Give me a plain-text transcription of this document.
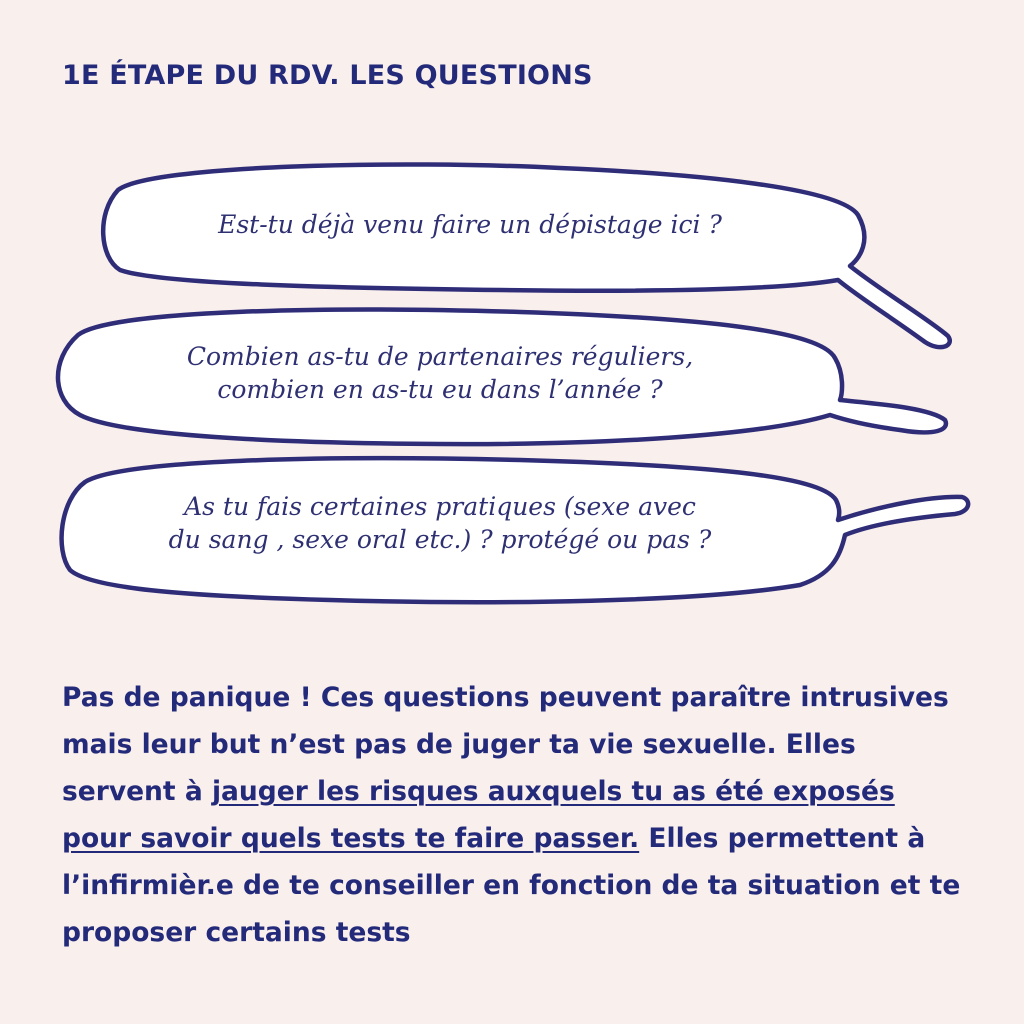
1E ÉTAPE DU RDV. LES QUESTIONS
Est-tu déjà venu faire un dépistage ici ?
Combien as-tu de partenaires réguliers,
combien en as-tu eu dans l’année ?
As tu fais certaines pratiques (sexe avec
du sang , sexe oral etc.) ? protégé ou pas ?
Pas de panique ! Ces questions peuvent paraître intrusives mais leur but n’est pas de juger ta vie sexuelle. Elles servent à jauger les risques auxquels tu as été exposés pour savoir quels tests te faire passer. Elles permettent à l’infirmièr.e de te conseiller en fonction de ta situation et te proposer certains tests
